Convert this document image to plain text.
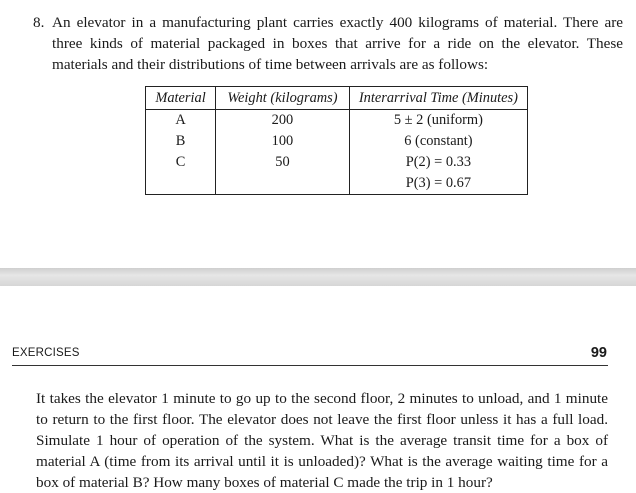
8. An elevator in a manufacturing plant carries exactly 400 kilograms of material. There are three kinds of material packaged in boxes that arrive for a ride on the elevator. These materials and their distributions of time between arrivals are as follows:
Material	Weight (kilograms)	Interarrival Time (Minutes)
A	200	5 ± 2 (uniform)
B	100	6 (constant)
C	50	P(2) = 0.33
		P(3) = 0.67
EXERCISES	99
It takes the elevator 1 minute to go up to the second floor, 2 minutes to unload, and 1 minute to return to the first floor. The elevator does not leave the first floor unless it has a full load. Simulate 1 hour of operation of the system. What is the average transit time for a box of material A (time from its arrival until it is unloaded)? What is the average waiting time for a box of material B? How many boxes of material C made the trip in 1 hour?
